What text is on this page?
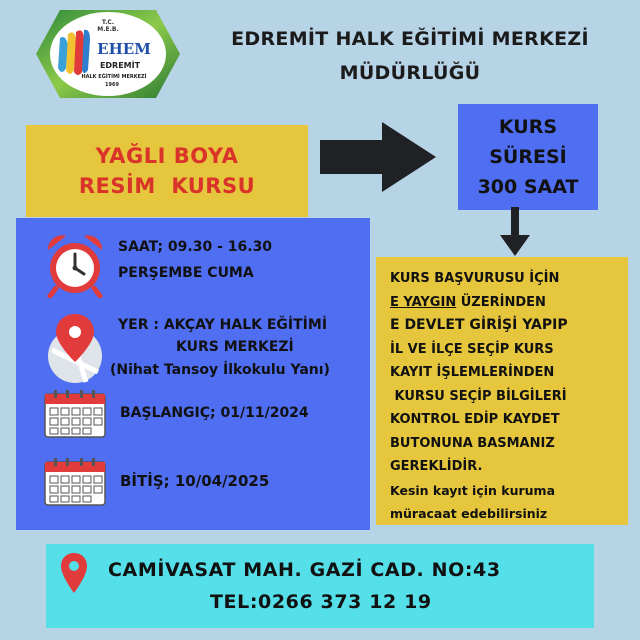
T.C.
M.E.B.
EHEM
EDREMİT
HALK EĞİTİMİ MERKEZİ
1969
EDREMİT HALK EĞİTİMİ MERKEZİ
MÜDÜRLÜĞÜ
YAĞLI BOYA
RESİM  KURSU
KURS
SÜRESİ
300 SAAT
SAAT; 09.30 - 16.30
PERŞEMBE CUMA
YER : AKÇAY HALK EĞİTİMİ
KURS MERKEZİ
(Nihat Tansoy İlkokulu Yanı)
BAŞLANGIÇ; 01/11/2024
BİTİŞ; 10/04/2025
KURS BAŞVURUSU İÇİN
E YAYGIN ÜZERİNDEN
E DEVLET GİRİŞİ YAPIP
İL VE İLÇE SEÇİP KURS
KAYIT İŞLEMLERİNDEN
KURSU SEÇİP BİLGİLERİ
KONTROL EDİP KAYDET
BUTONUNA BASMANIZ
GEREKLİDİR.
Kesin kayıt için kuruma
müracaat edebilirsiniz
CAMİVASAT MAH. GAZİ CAD. NO:43
TEL:0266 373 12 19
